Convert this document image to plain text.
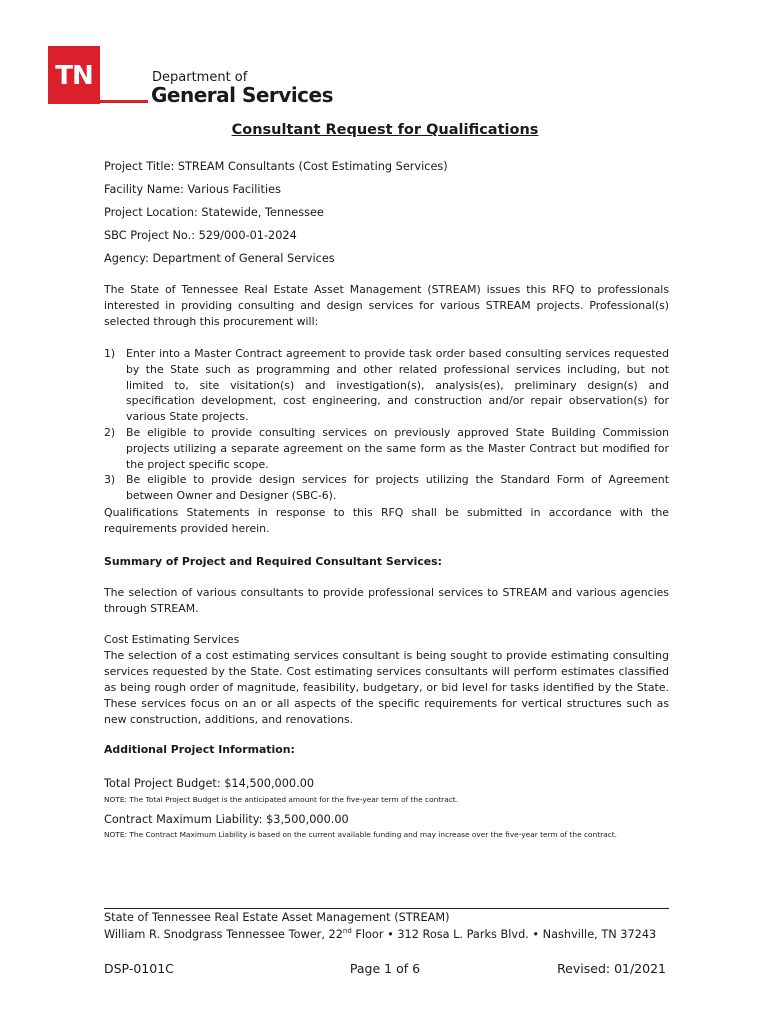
TN	Department of
General Services
Consultant Request for Qualifications
Project Title: STREAM Consultants (Cost Estimating Services)
Facility Name: Various Facilities
Project Location: Statewide, Tennessee
SBC Project No.: 529/000-01-2024
Agency: Department of General Services
The State of Tennessee Real Estate Asset Management (STREAM) issues this RFQ to professionals interested in providing consulting and design services for various STREAM projects. Professional(s) selected through this procurement will:
1) Enter into a Master Contract agreement to provide task order based consulting services requested by the State such as programming and other related professional services including, but not limited to, site visitation(s) and investigation(s), analysis(es), preliminary design(s) and specification development, cost engineering, and construction and/or repair observation(s) for various State projects.
2) Be eligible to provide consulting services on previously approved State Building Commission projects utilizing a separate agreement on the same form as the Master Contract but modified for the project specific scope.
3) Be eligible to provide design services for projects utilizing the Standard Form of Agreement between Owner and Designer (SBC-6).
Qualifications Statements in response to this RFQ shall be submitted in accordance with the requirements provided herein.
Summary of Project and Required Consultant Services:
The selection of various consultants to provide professional services to STREAM and various agencies through STREAM.
Cost Estimating Services
The selection of a cost estimating services consultant is being sought to provide estimating consulting services requested by the State. Cost estimating services consultants will perform estimates classified as being rough order of magnitude, feasibility, budgetary, or bid level for tasks identified by the State. These services focus on an or all aspects of the specific requirements for vertical structures such as new construction, additions, and renovations.
Additional Project Information:
Total Project Budget: $14,500,000.00
NOTE: The Total Project Budget is the anticipated amount for the five-year term of the contract.
Contract Maximum Liability: $3,500,000.00
NOTE: The Contract Maximum Liability is based on the current available funding and may increase over the five-year term of the contract.
State of Tennessee Real Estate Asset Management (STREAM)
William R. Snodgrass Tennessee Tower, 22nd Floor • 312 Rosa L. Parks Blvd. • Nashville, TN 37243
DSP-0101C	Page 1 of 6	Revised: 01/2021
